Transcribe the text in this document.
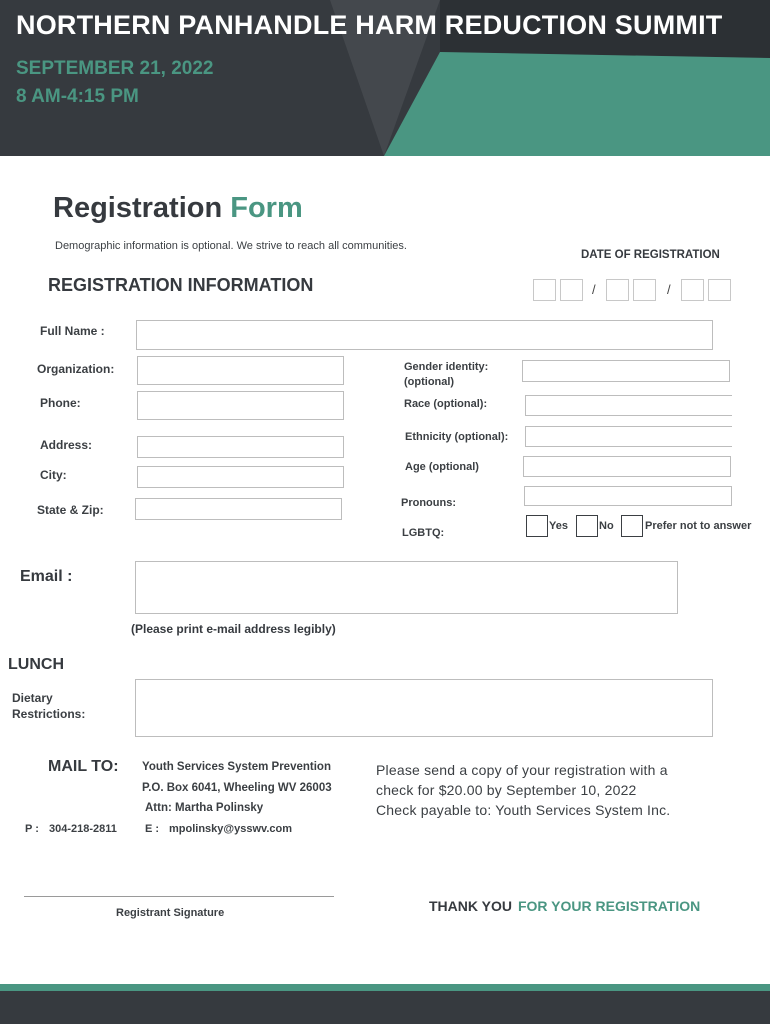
NORTHERN PANHANDLE HARM REDUCTION SUMMIT
SEPTEMBER 21, 2022
8 AM-4:15 PM
Registration Form
Demographic information is optional. We strive to reach all communities.
DATE OF REGISTRATION
REGISTRATION INFORMATION	/	/
Full Name :
Organization:
Phone:
Address:
City:
State & Zip:
Gender identity:
(optional)
Race (optional):
Ethnicity (optional):
Age (optional)
Pronouns:
LGBTQ:
Yes	No	Prefer not to answer
Email :
(Please print e-mail address legibly)
LUNCH
Dietary
Restrictions:
MAIL TO: Youth Services System Prevention
P.O. Box 6041, Wheeling WV 26003
Attn: Martha Polinsky
P : 304-218-2811	E : mpolinsky@ysswv.com
Please send a copy of your registration with a
check for $20.00 by September 10, 2022
Check payable to: Youth Services System Inc.
Registrant Signature	THANK YOU FOR YOUR REGISTRATION
